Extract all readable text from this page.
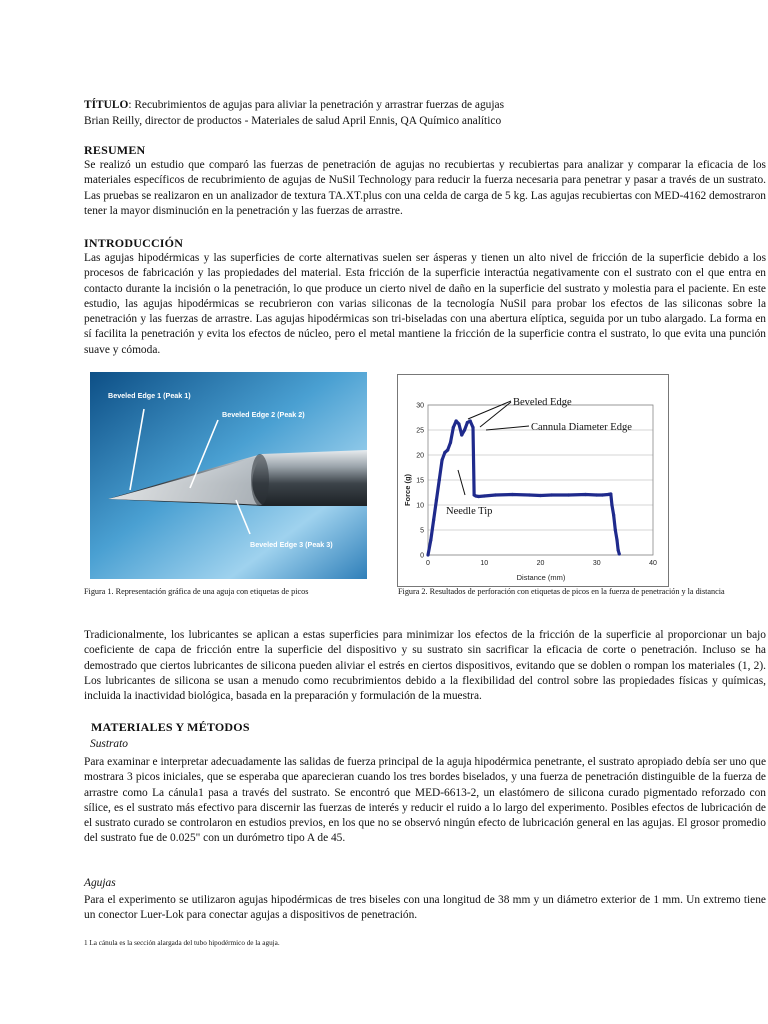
TÍTULO: Recubrimientos de agujas para aliviar la penetración y arrastrar fuerzas de agujas
Brian Reilly, director de productos - Materiales de salud April Ennis, QA Químico analítico
RESUMEN

Se realizó un estudio que comparó las fuerzas de penetración de agujas no recubiertas y recubiertas para analizar y comparar la eficacia de los materiales específicos de recubrimiento de agujas de NuSil Technology para reducir la fuerza necesaria para penetrar y pasar a través de un sustrato. Las pruebas se realizaron en un analizador de textura TA.XT.plus con una celda de carga de 5 kg. Las agujas recubiertas con MED-4162 demostraron tener la mayor disminución en la penetración y las fuerzas de arrastre.

INTRODUCCIÓN

Las agujas hipodérmicas y las superficies de corte alternativas suelen ser ásperas y tienen un alto nivel de fricción de la superficie debido a los procesos de fabricación y las propiedades del material. Esta fricción de la superficie interactúa negativamente con el sustrato con el que entra en contacto durante la incisión o la penetración, lo que produce un cierto nivel de daño en la superficie del sustrato y molestia para el paciente. En este estudio, las agujas hipodérmicas se recubrieron con varias siliconas de la tecnología NuSil para probar los efectos de las siliconas sobre la penetración y las fuerzas de arrastre. Las agujas hipodérmicas son tri-biseladas con una abertura elíptica, seguida por un tubo alargado. La forma en sí facilita la penetración y evita los efectos de núcleo, pero el metal mantiene la fricción de la superficie contra el sustrato, lo que evita una punción suave y cómoda.

Beveled Edge 1 (Peak 1)
Beveled Edge 2 (Peak 2)
Beveled Edge 3 (Peak 3)
Figura 1. Representación gráfica de una aguja con etiquetas de picos
0
5
10
15
20
25
30
0	10	20	30	40
Force (g)
Distance (mm)
Beveled Edge
Cannula Diameter Edge
Needle Tip
Figura 2. Resultados de perforación con etiquetas de picos en la fuerza de penetración y la distancia

Tradicionalmente, los lubricantes se aplican a estas superficies para minimizar los efectos de la fricción de la superficie al proporcionar un bajo coeficiente de capa de fricción entre la superficie del dispositivo y su sustrato sin sacrificar la eficacia de corte o penetración. Incluso se ha demostrado que ciertos lubricantes de silicona pueden aliviar el estrés en ciertos dispositivos, evitando que se doblen o rompan los materiales (1, 2). Los lubricantes de silicona se usan a menudo como recubrimientos debido a la flexibilidad del control sobre las propiedades físicas y químicas, incluida la inactividad biológica, basada en la preparación y formulación de la muestra.

MATERIALES Y MÉTODOS
Sustrato

Para examinar e interpretar adecuadamente las salidas de fuerza principal de la aguja hipodérmica penetrante, el sustrato apropiado debía ser uno que mostrara 3 picos iniciales, que se esperaba que aparecieran cuando los tres bordes biselados, y una fuerza de penetración distinguible de la fuerza de arrastre como La cánula1 pasa a través del sustrato. Se encontró que MED-6613-2, un elastómero de silicona curado pigmentado reforzado con sílice, es el sustrato más efectivo para discernir las fuerzas de interés y reducir el ruido a lo largo del experimento. Posibles efectos de lubricación de el sustrato curado se controlaron en estudios previos, en los que no se observó ningún efecto de lubricación general en las agujas. El grosor promedio del sustrato fue de 0.025" con un durómetro tipo A de 45.

Agujas

Para el experimento se utilizaron agujas hipodérmicas de tres biseles con una longitud de 38 mm y un diámetro exterior de 1 mm. Un extremo tiene un conector Luer-Lok para conectar agujas a dispositivos de penetración.

1 La cánula es la sección alargada del tubo hipodérmico de la aguja.
